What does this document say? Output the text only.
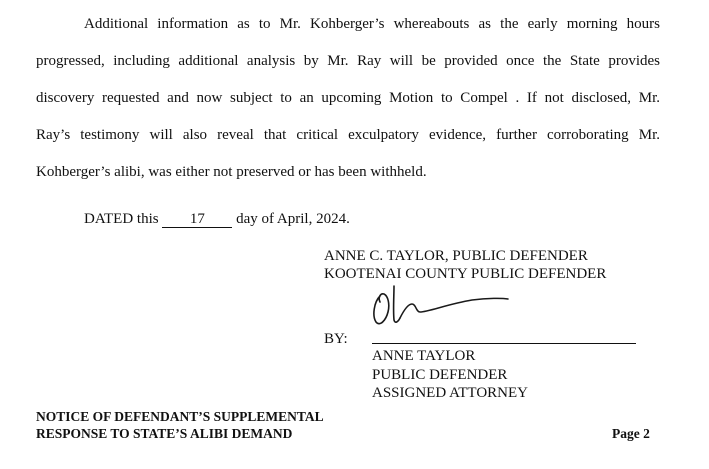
Additional information as to Mr. Kohberger’s whereabouts as the early morning hours
progressed, including additional analysis by Mr. Ray will be provided once the State provides
discovery requested and now subject to an upcoming Motion to Compel . If not disclosed, Mr.
Ray’s testimony will also reveal that critical exculpatory evidence, further corroborating Mr.
Kohberger’s alibi, was either not preserved or has been withheld.
DATED this 17 day of April, 2024.
ANNE C. TAYLOR, PUBLIC DEFENDER
KOOTENAI COUNTY PUBLIC DEFENDER
BY:
ANNE TAYLOR
PUBLIC DEFENDER
ASSIGNED ATTORNEY
NOTICE OF DEFENDANT’S SUPPLEMENTAL
RESPONSE TO STATE’S ALIBI DEMAND	Page 2
